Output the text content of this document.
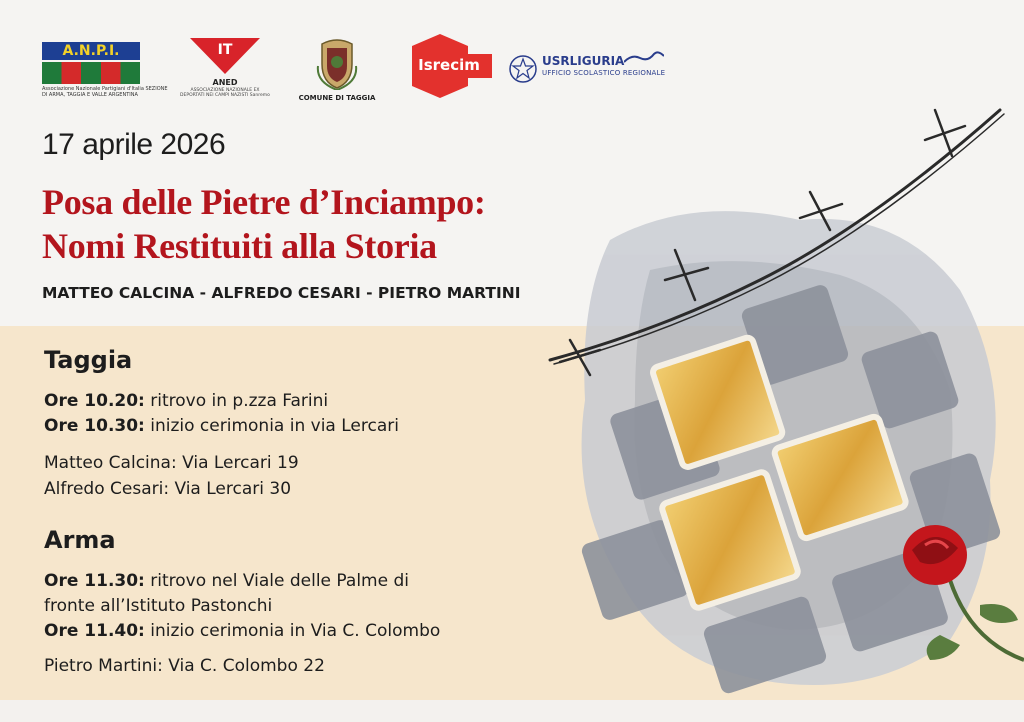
A.N.P.I.
Associazione Nazionale Partigiani d'Italia SEZIONE DI ARMA, TAGGIA E VALLE ARGENTINA
IT
ANED
ASSOCIAZIONE NAZIONALE EX DEPORTATI NEI CAMPI NAZISTI Sanremo	COMUNE DI TAGGIA
Isrecim	USRLIGURIA
UFFICIO SCOLASTICO REGIONALE
17 aprile 2026
Posa delle Pietre d’Inciampo:
Nomi Restituiti alla Storia
MATTEO CALCINA - ALFREDO CESARI - PIETRO MARTINI
Taggia
Ore 10.20: ritrovo in p.zza Farini
Ore 10.30: inizio cerimonia in via Lercari
Matteo Calcina: Via Lercari 19
Alfredo Cesari: Via Lercari 30
Arma
Ore 11.30: ritrovo nel Viale delle Palme di
fronte all’Istituto Pastonchi
Ore 11.40: inizio cerimonia in Via C. Colombo
Pietro Martini: Via C. Colombo 22
